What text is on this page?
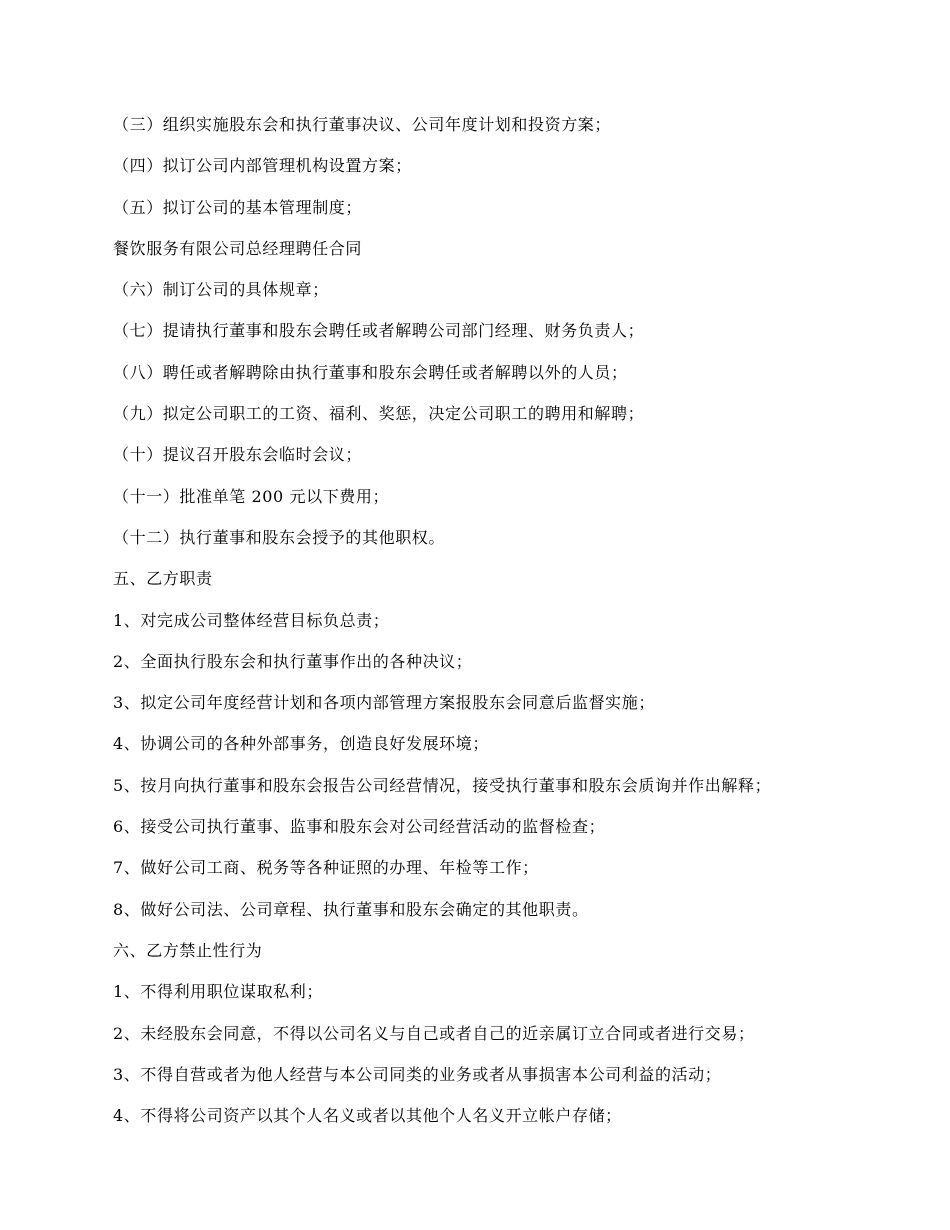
（三）组织实施股东会和执行董事决议、公司年度计划和投资方案；
（四）拟订公司内部管理机构设置方案；
（五）拟订公司的基本管理制度；
餐饮服务有限公司总经理聘任合同
（六）制订公司的具体规章；
（七）提请执行董事和股东会聘任或者解聘公司部门经理、财务负责人；
（八）聘任或者解聘除由执行董事和股东会聘任或者解聘以外的人员；
（九）拟定公司职工的工资、福利、奖惩，决定公司职工的聘用和解聘；
（十）提议召开股东会临时会议；
（十一）批准单笔 200 元以下费用；
（十二）执行董事和股东会授予的其他职权。
五、乙方职责
1、对完成公司整体经营目标负总责；
2、全面执行股东会和执行董事作出的各种决议；
3、拟定公司年度经营计划和各项内部管理方案报股东会同意后监督实施；
4、协调公司的各种外部事务，创造良好发展环境；
5、按月向执行董事和股东会报告公司经营情况，接受执行董事和股东会质询并作出解释；
6、接受公司执行董事、监事和股东会对公司经营活动的监督检查；
7、做好公司工商、税务等各种证照的办理、年检等工作；
8、做好公司法、公司章程、执行董事和股东会确定的其他职责。
六、乙方禁止性行为
1、不得利用职位谋取私利；
2、未经股东会同意，不得以公司名义与自己或者自己的近亲属订立合同或者进行交易；
3、不得自营或者为他人经营与本公司同类的业务或者从事损害本公司利益的活动；
4、不得将公司资产以其个人名义或者以其他个人名义开立帐户存储；
